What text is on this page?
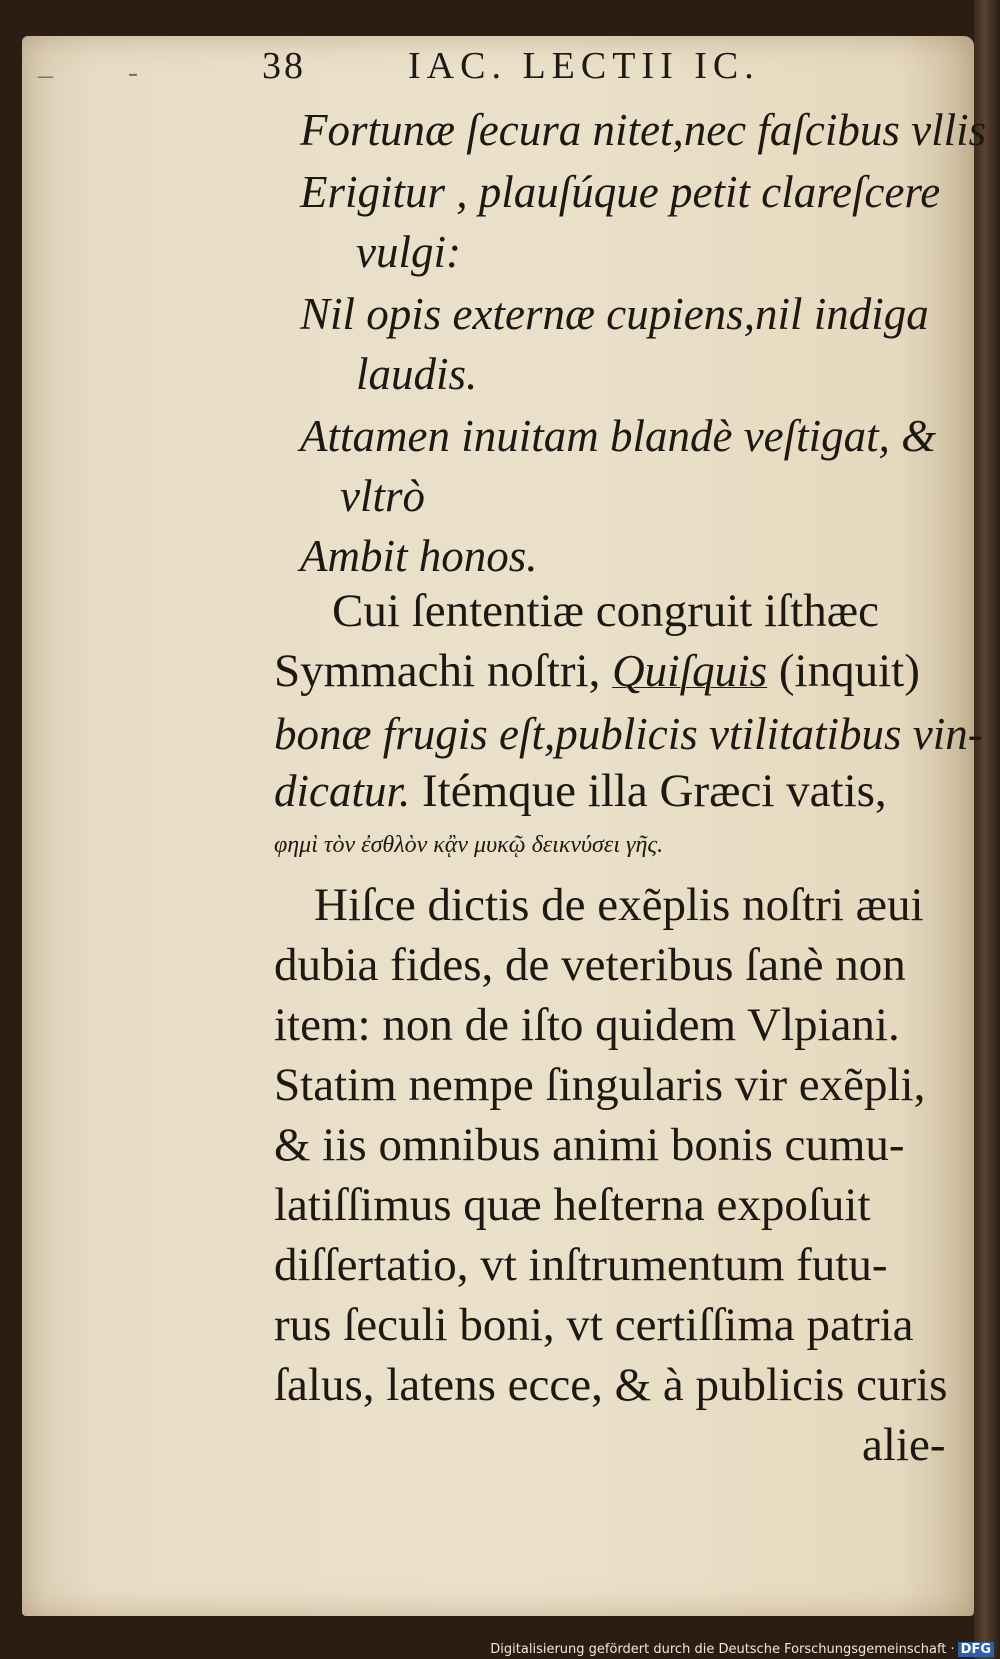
–	-	38	IAC. LECTII IC.
Fortunæ ſecura nitet,nec faſcibus vllis
Erigitur , plauſúque petit clareſcere
vulgi:
Nil opis externæ cupiens,nil indiga
laudis.
Attamen inuitam blandè veſtigat, &
vltrò
Ambit honos.
Cui ſententiæ congruit iſthæc
Symmachi noſtri, Quiſquis (inquit)
bonæ frugis eſt,publicis vtilitatibus vin-
dicatur. Itémque illa Græci vatis,
φημὶ τὸν ἐσθλὸν κᾂν μυκῷ δεικνύσει γῆς.
Hiſce dictis de exẽplis noſtri æui
dubia fides, de veteribus ſanè non
item: non de iſto quidem Vlpiani.
Statim nempe ſingularis vir exẽpli,
& iis omnibus animi bonis cumu-
latiſſimus quæ heſterna expoſuit
diſſertatio, vt inſtrumentum futu-
rus ſeculi boni, vt certiſſima patria
ſalus, latens ecce, & à publicis curis
alie-
Digitalisierung gefördert durch die Deutsche Forschungsgemeinschaft · DFG
